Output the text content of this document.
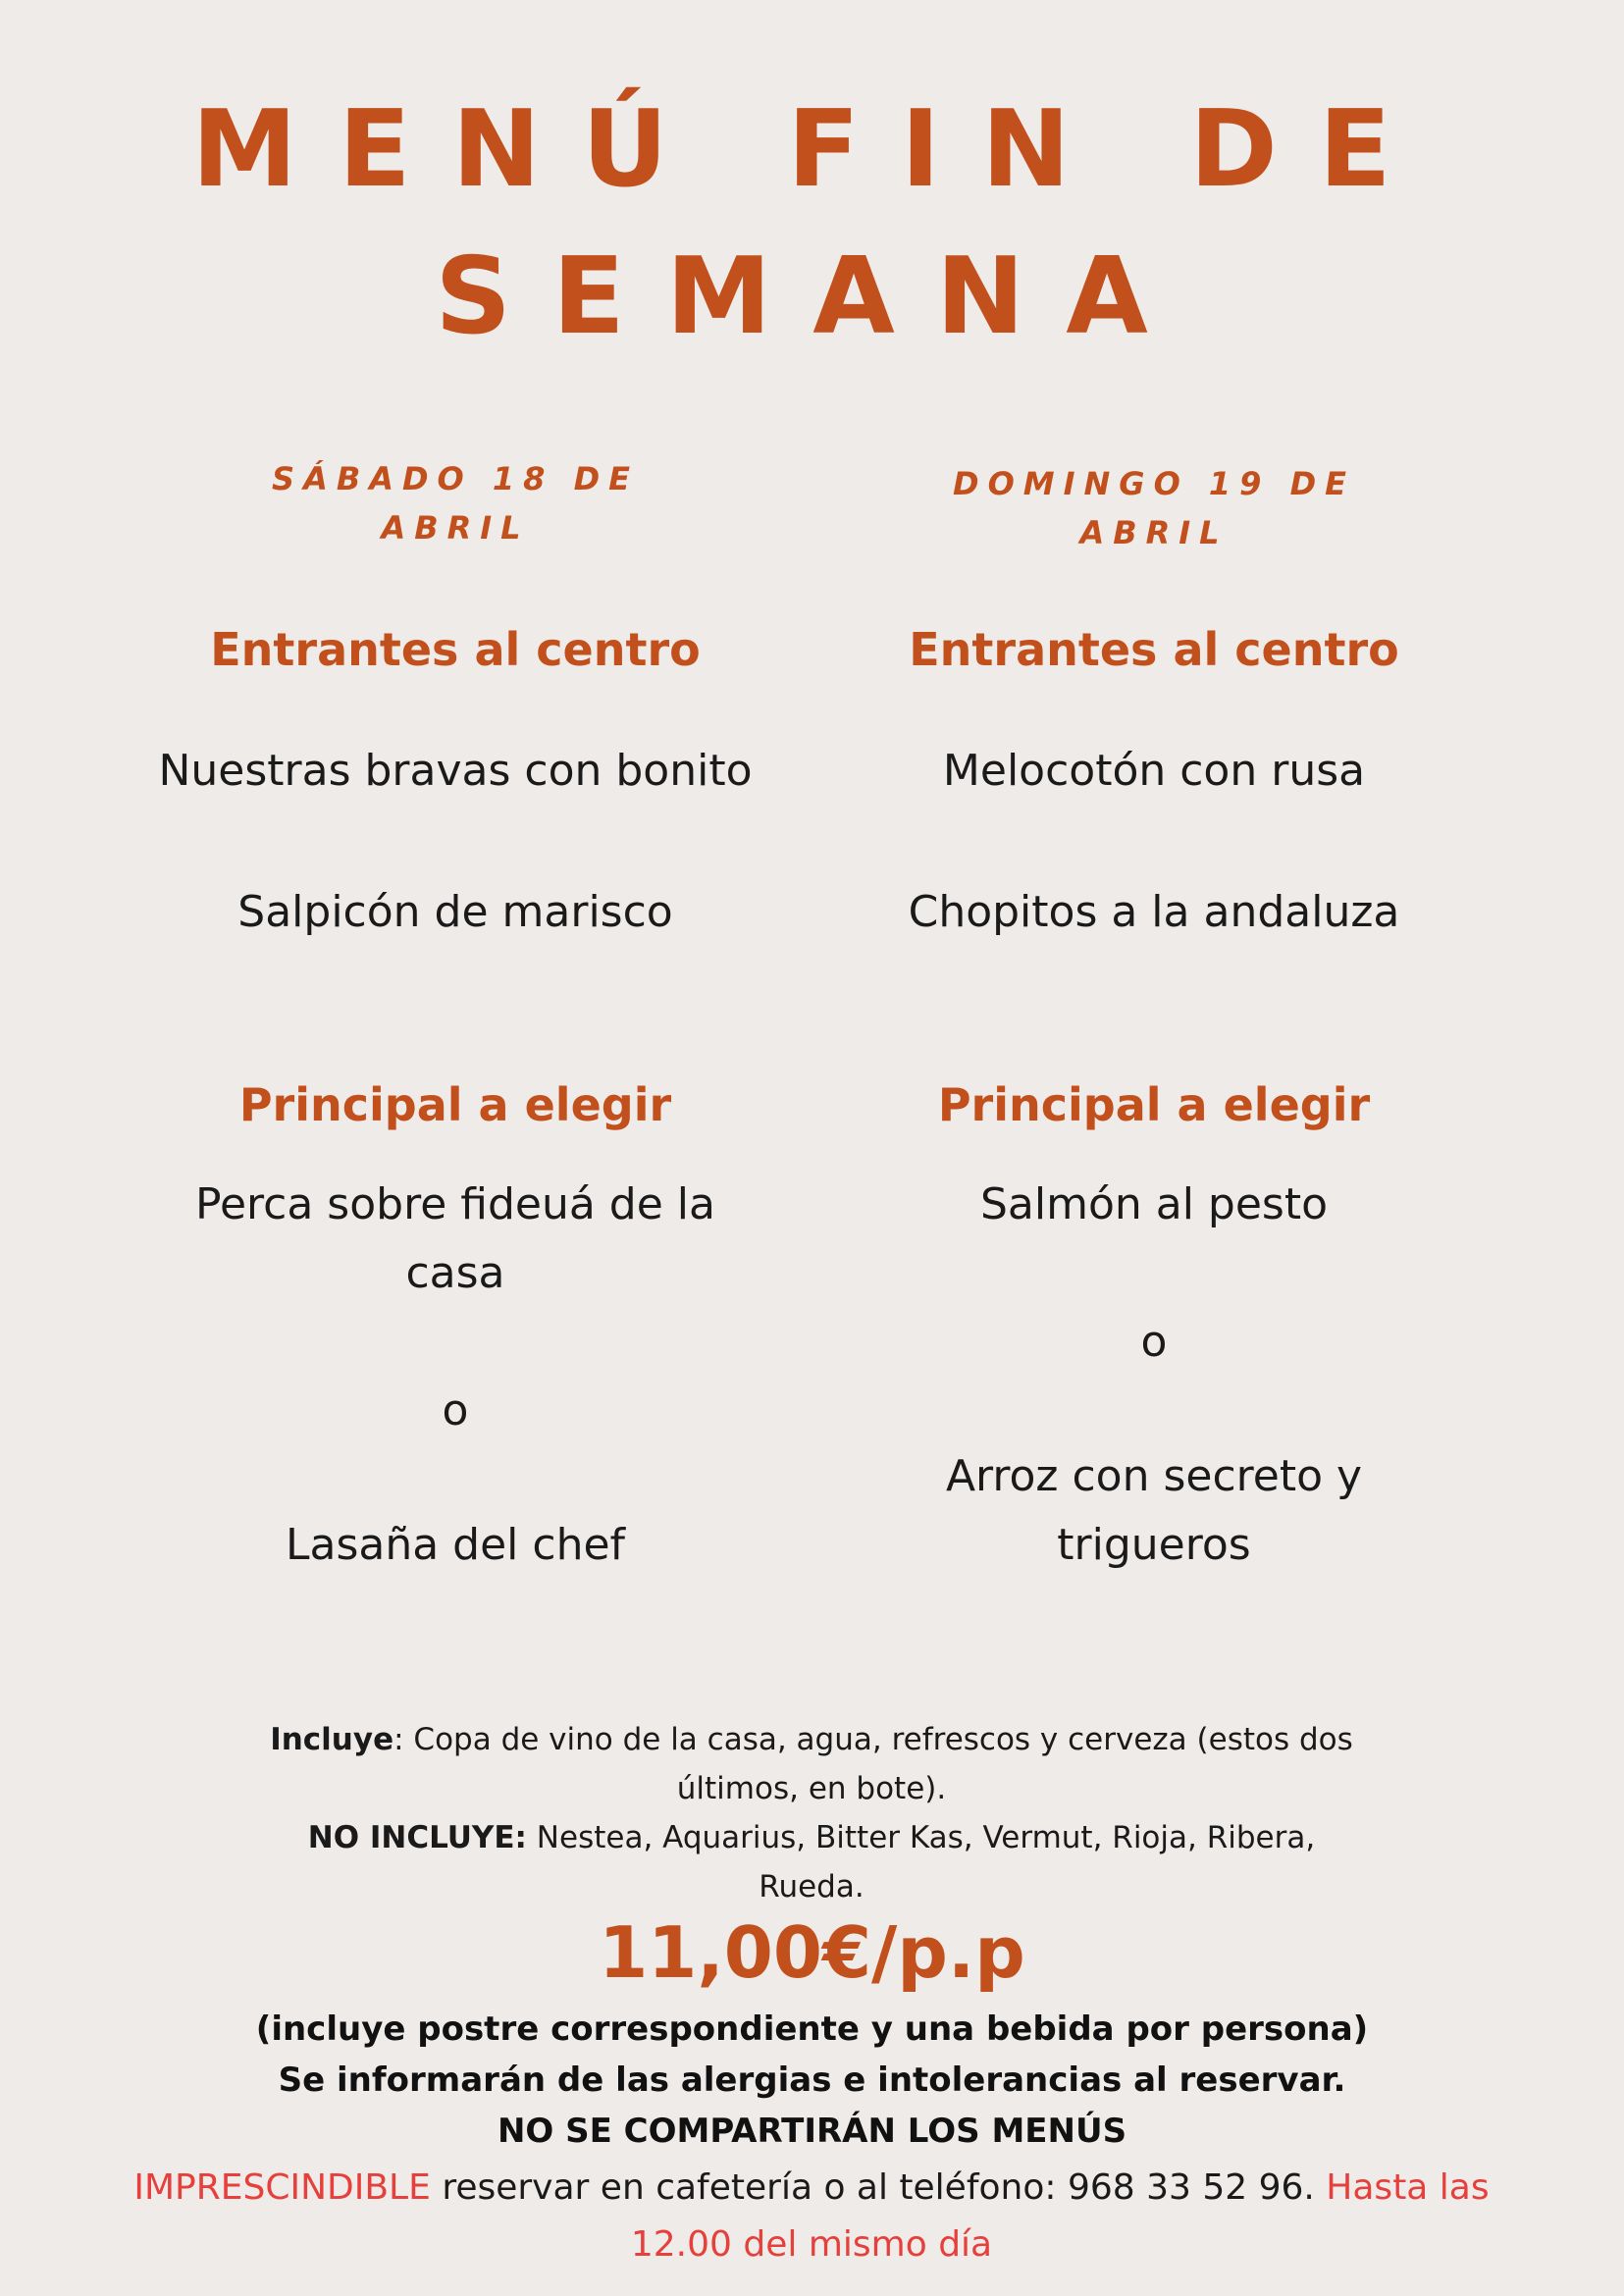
MENÚ FIN DE
SEMANA
SÁBADO 18 DE
ABRIL
Entrantes al centro
Nuestras bravas con bonito
Salpicón de marisco
Principal a elegir
Perca sobre fideuá de la
casa
o
Lasaña del chef
DOMINGO 19 DE
ABRIL
Entrantes al centro
Melocotón con rusa
Chopitos a la andaluza
Principal a elegir
Salmón al pesto
o
Arroz con secreto y
trigueros

Incluye: Copa de vino de la casa, agua, refrescos y cerveza (estos dos últimos, en bote).

NO INCLUYE: Nestea, Aquarius, Bitter Kas, Vermut, Rioja, Ribera, Rueda.

11,00€/p.p
(incluye postre correspondiente y una bebida por persona)
Se informarán de las alergias e intolerancias al reservar.
NO SE COMPARTIRÁN LOS MENÚS

IMPRESCINDIBLE reservar en cafetería o al teléfono: 968 33 52 96. Hasta las 12.00 del mismo día
